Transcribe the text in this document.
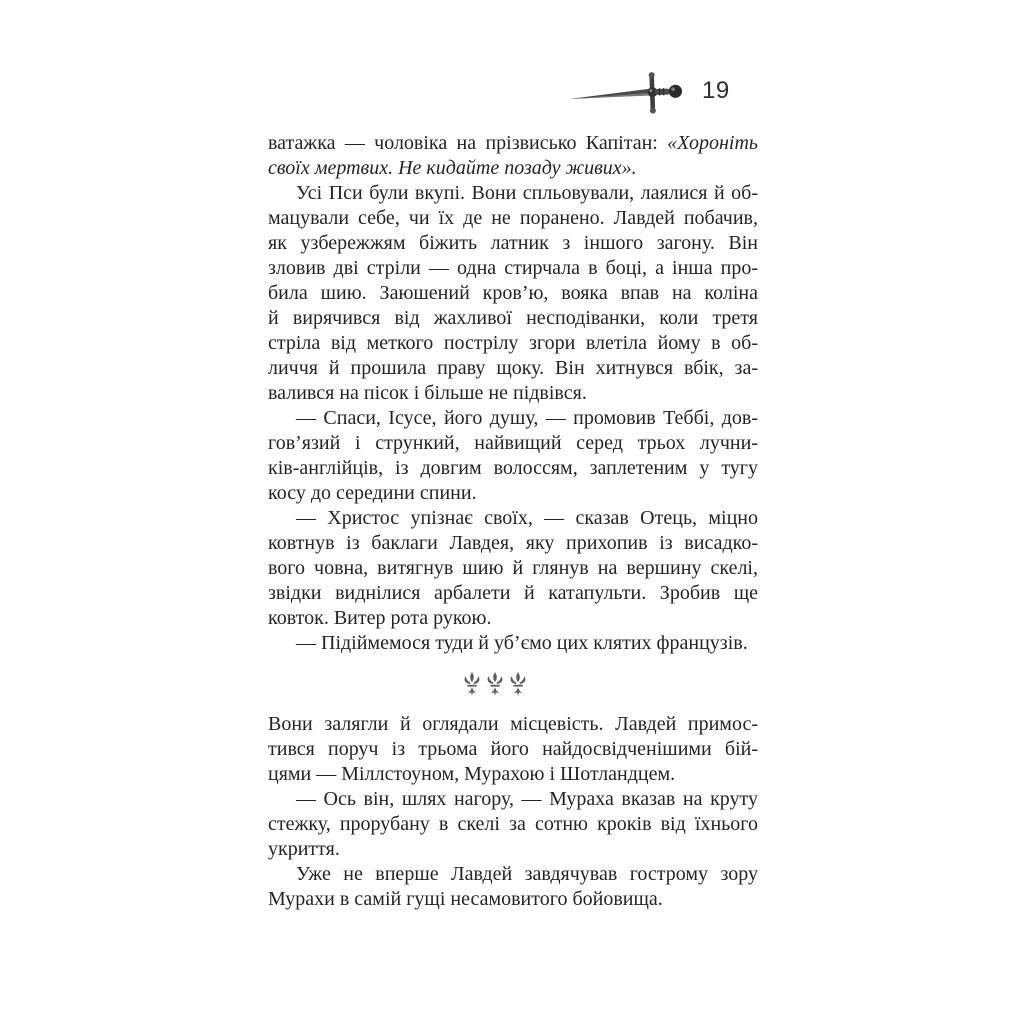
19
ватажка — чоловіка на прізвисько Капітан: «Хороніть
своїх мертвих. Не кидайте позаду живих».
Усі Пси були вкупі. Вони спльовували, лаялися й об-
мацували себе, чи їх де не поранено. Лавдей побачив,
як узбережжям біжить латник з іншого загону. Він
зловив дві стріли — одна стирчала в боці, а інша про-
била шию. Заюшений кров’ю, вояка впав на коліна
й вирячився від жахливої несподіванки, коли третя
стріла від меткого пострілу згори влетіла йому в об-
личчя й прошила праву щоку. Він хитнувся вбік, за-
валився на пісок і більше не підвівся.
— Спаси, Ісусе, його душу, — промовив Теббі, дов-
гов’язий і стрункий, найвищий серед трьох лучни-
ків-англійців, із довгим волоссям, заплетеним у тугу
косу до середини спини.
— Христос упізнає своїх, — сказав Отець, міцно
ковтнув із баклаги Лавдея, яку прихопив із висадко-
вого човна, витягнув шию й глянув на вершину скелі,
звідки виднілися арбалети й катапульти. Зробив ще
ковток. Витер рота рукою.
— Підіймемося туди й уб’ємо цих клятих французів.
Вони залягли й оглядали місцевість. Лавдей примос-
тився поруч із трьома його найдосвідченішими бій-
цями — Міллстоуном, Мурахою і Шотландцем.
— Ось він, шлях нагору, — Мураха вказав на круту
стежку, прорубану в скелі за сотню кроків від їхнього
укриття.
Уже не вперше Лавдей завдячував гострому зору
Мурахи в самій гущі несамовитого бойовища.
